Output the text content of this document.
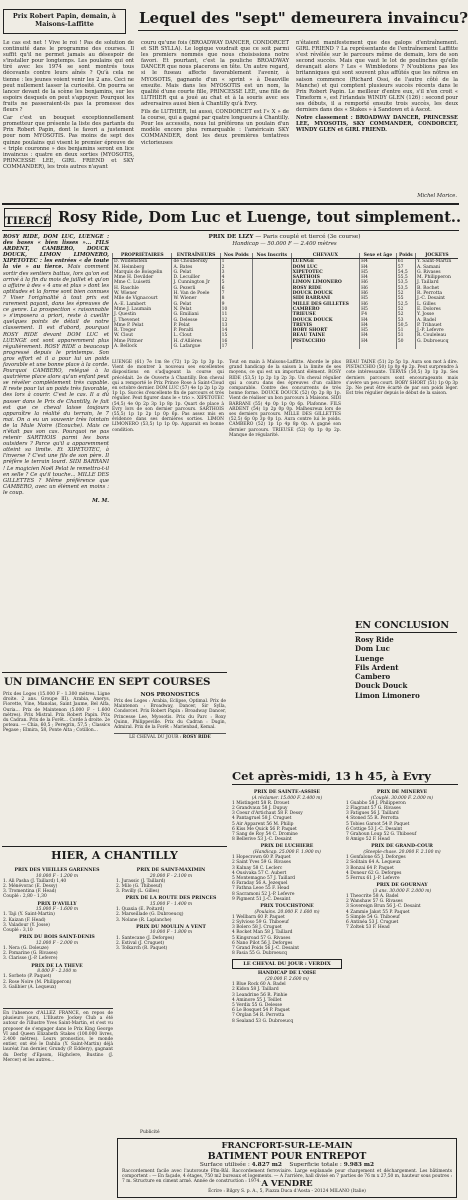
Prix Robert Papin, demain, à Maisons-Laffitte	Lequel des "sept" demeurera invaincu?
Le cas est net ! Vive le roi ! Pas de solution de continuité dans le programme des courses. Il suffit qu'il ne permet jamais au désespoir de s'installer pour longtemps. Les poulains qui ont tiré avec les 1974 se sont montrés tous décevants contre leurs aînés ? Qu'à cela ne tienne : les jeunes voient venir les 2 ans. Ceci ne peut nullement lasser la curiosité. On pourra se lancer devant de la scène les benjamins, sur les espoirs desquels on peut s'appuyer. Pourquoi les fruits ne passeraient-ils pas la promesse des fleurs ?
Car c'est un bouquet exceptionnellement prometteur que présente la liste des partants du Prix Robert Papin, dont le favori a justement pour nom MYOSOTIS. Pas moins de sept des quinze poulains qui visent le premier épreuve de « triple couronne » des benjamins seront en lice invaincus : quatre en deux sorties (MYOSOTIS, PRINCESSE LEE, GIRL FRIEND et SKY COMMANDER), les trois autres n'ayant
couru qu'une fois (BROADWAY DANCER, CONDORCET et SIR SYLLA). Le logique voudrait que ce soit parmi les premiers nommés que nous choisissions notre favori. Et pourtant, c'est la pouliche BROADWAY DANCER que nous placerons en tête. Un autre regard, si le fuseau affecte favorablement l'avenir, à MYOSOTIS, gagnante d'un « sprint » à Deauville ensuite. Mais dans les MYOSOTIS est un nom, la qualité d'une courte fille, PRINCESSE LEE, une fille de LUTHIER qui a joué au chat et à la souris avec ses adversaires aussi bien à Chantilly qu'à Evry.
Fils de LUTHIER, lui aussi, CONDORCET est l'« X » de la course, qui a gagné par quatre longueurs à Chantilly. Pour les accessits, nous lui préférons un poulain d'un modèle encore plus remarquable : l'américain SKY COMMANDER, dont les deux premières tentatives victorieuses
n'étaient manifestement que des galops d'entraînement. GIRL FRIEND ? La représentante de l'entraînement Laffitte s'est révélée sur le parcours même de demain, lors de son second succès. Mais que vaut le lot de poulinches qu'elle devançait alors ? Les « Wimbledons ? N'oublions pas les britanniques qui sont souvent plus affûtés que les nôtres en saison commence (Richard Ossi, de l'autre côté de la Manche) et qui comptent plusieurs succès récents dans le Prix Robert Papin. Le meilleur d'entre eux, s'il n'en croit « Timeform », est l'irlandais WINDY GLEN (126) : second pour ses débuts, il a remporté ensuite trois succès, les deux derniers dans des « Stakes » à Sandown et à Ascot.
Notre classement : BROADWAY DANCER, PRINCESSE LEE, MYOSOTIS, SKY COMMANDER, CONDORCET, WINDY GLEN et GIRL FRIEND.
Michel Morice.
TIERCÉ Rosy Ride, Dom Luc et Luenge, tout simplement..
ROSY RIDE, DOM LUC, LUENGE : des bases « bien lisses »... FILS ARDENT, CAMBERO, DOUCK DOUCK, LIMON LIMONERO, XIPETOTEC : les entrées « de toute la vie » au tierce. Mais comment sortir des sentiers battus, lors qu'on est arrivé à la fin du mois de juillet et qu'on a affaire à des « 4 ans et plus » dont les aptitudes et la forme sont bien connues ? Viser l'originalité à tout prix est rarement payant, dans les épreuves de ce genre. La prospection « raisonnable » s'imposera a priori, reste à cueillir quelques points de détail de notre classement. Il est d'abord, pourquoi ROSY RIDE devant DOM LUC et LUENGE ont sont apparemment plus régulièrement. ROSY RIDE a beaucoup progressé depuis le printemps. Son gros effort et il a pour lui un poids favorable et une bonne place à la corde. Pourquoi CAMBERO, relégué à la quatrième place alors qu'un enfant peut se révéler complètement très capable. Il reste pour lui un poids très favorable, des lors à courir. C'est le cas. Il a dû passer dans le Prix de Chantilly, le fait est que ce cheval laisse toujours apparaître la réalité du terrain, le 7 mai. On a eu un souvenir très lointain de la Mule Noire (Ecouche). Mais ce n'était pas son cas. Pourquoi ne pas retenir SARTHOIS parmi les bons outsiders ? Parce qu'il a apparemment atteint sa limite. Et XIPETOTEC, à l'inverse ? C'est une fils de son père. Il préfère le terrain lourd. SIDI BARRANI ! Le magicien Noël Pelat le remettra-t-il en selle ? Ce qu'il touche... MILLE DES GILLETTES ? Même préférence que CAMBERO, avec un élément en moins : le coup.
M. M.
PRIX DE LIZY — Paris couplé et tiercé (3e course)
Handicap — 50.000 F — 2.400 mètres
PROPRIÉTAIRES	ENTRAÎNEURS	Nos Poids	Nos Inscrits	CHEVAUX	Sexe et âge	Poids	JOCKEYS
D. Wildenstein	de Choubersky	1		LUENGE	H4	61	Y. Saint-Martin
M. Heimberg	A. Bates	2		DOM LUC	H4	57	A. Samani
Marquis de Boisgelin	G. Pelat	3		XIPETOTEC	H5	54,5	G. Rivases
Mme H. Devilder	D. Lecuiller	4		SARTHOIS	H4	55,5	M. Philipperon
Mme C. Luisetti	J. Cunnington Jr	5		LIMON LIMONERO	H6	53,5	J. Taillard
H. Raschle	G. Pezerli	6		ROSY RIDE	H6	53,5	B. Rochet
W. Wiener	H. Van de Poele	7		DOUCK DOUCK	H6	52	R. Perrotta
Mlle de Vignacourt	W. Wiener	8		SIDI BARRANI	H5	55	J.-C. Desaint
A.-E. Lambert	G. Pelat	9		MILLE DES GILLETES	H6	52,5	L. Gilles
Mme J. Laumain	N. Pelat	10		CAMBERO	H5	52	E. Dolores
J. Questin	G. Emiliani	11		TRIEUSE	F4	52	Y. Josse
J. Thevenet	G. Delesse	12		DOUCK DOUCK	H4	53	A. Badel
Mme P. Pelat	P. Pelat	13		TREVIS	H4	50,5	P. Tribauet
R. Treger	P. Peralti	14		BOBY SHORT	H5	51	J.-P. Lefevre
W. Clout	L. Clout	15		BEAU TAINE	H4	51	R. Couleleau
Mme Pittner	H. d'Allières	16		PISTACCHIO	H4	50	G. Dubroeucq
A. Bellock	G. Lafargue	17					
LUENGE (61) 7e 1m 8e (72) 1p 2p 1p 3p 1p. Vient de montrer à nouveau ses excellentes dispositions en s'adjugeant la course qui précédait. 2e de Ouverte à Chantilly. Bon cheval qui a remporté le Prix Prince Rose à Saint-Cloud en octobre dernier. DOM LUC (57) 4e 1p 2p 1p 2p 1p 1p. Succès d'excellente fin de parcours et très régulier. Peut figurer dans le « trio ». XIPETOTEC (54,5) 4e 0p 2p 3p 1p 8p 1p. Quart de place à Evry lors de son dernier parcours. SARTHOIS (55,5) 1p 1p 2p 1p 0p 6p. Pas assez mis en évidence dans ses dernières sorties. LIMON LIMONERO (53,5) 1p 1p 0p. Apparait en bonne condition.
Tout en main à Maisons-Laffitte. Aborde le plus grand handicap de la saison à la limite de ses moyens, ce qui est un important élément. ROSY RIDE (53,5) 1p 2p 1p 2p 3p. Un cheval régulier qui a couru dans des épreuves d'un calibre comparable. Contre des concurrents de très bonne forme. DOUCK DOUCK (52) 0p 2p 8p 1p. Vient de réaliser un bon parcours à Maisons. SIDI BARRANI (55) 4p 0p 1p 0p 6p. Plafonne. FILS ARDENT (54) 1p 2p 0p 0p. Malheureux lors de ses derniers parcours. MILLE DES GILLETTES (52,5) 6p 0p 3p 0p 1p. Aura contre lui le poids. CAMBERO (52) 1p 1p 4p 8p 0p. A gagné son dernier parcours. TRIEUSE (52) 0p 1p 0p 2p. Manque de régularité.
BEAU TAINE (51) 2p 5p 1p. Aura son mot à dire. PISTACCHIO (50) 1p 0p 4p 2p. Peut surprendre à cote intéressante. TERVIS (50,5) 3p 1p 3p. Ses derniers parcours sont encourageants mais s'avère un peu court. BOBY SHORT (51) 1p 0p 3p 2p. Ne peut être écarté de par son poids léger. Est très régulier depuis le début de la saison.
EN CONCLUSION
Rosy Ride
Dom Luc
Luenge
Fils Ardent
Cambero
Douck Douck
Limon Limonero
UN DIMANCHE EN SEPT COURSES
Prix des Loges (15.000 F - 1.300 mètres. Ligne droite. 2 ans. Groupe III). Arabia, Anerys, Fiorette, Vine, Manolas, Saint Jaume, Bel Alfa, Ouria... Prix de Maintenon (5.000 F - 1.600 mètres). Prix Mistral. Prix Robert Papin. Prix du Cadran. Prix de la Forêt... Corde à droite. 2e poteau. — Chia, 60,5 ; Peregrin, 57,5 ; Classics Pegase ; Elmira, 58, Ponte Alta ; Cotillon...
NOS PRONOSTICS
Prix des Loges : Arabia, Eclipse, Optimal. Prix de Maintenon : Broadway, Dancer, Sir Sylla, Condorcet. Prix Robert Papin : Broadway Dancer, Princesse Lee, Myosotis. Prix du Parc : Roxy Quinn, Philippeville. Prix du Cadran : Dugin, Admiral. Prix de la Forêt : Marienbad, Kemal.
LE CHEVAL DU JOUR : ROSY RIDE
HIER, A CHANTILLY
PRIX DES VIEILLES GARENNES
10.000 F - 1.200 m
1. Ali Pasha (J. Taillard) 1,40
2. Ménévorac (E. Dessy)
3. Tromentina (F. Head)
Couplé : 2,80 - 1,30
PRIX D'AVILLY
15.000 F - 1.600 m
1. Taji (Y. Saint-Martin)
2. Kaizan (F. Head)
3. Valadour (Y. Josse)
Couplé : 3,10
PRIX DU BOIS SAINT-DENIS
12.000 F - 2.000 m
1. Nera (G. Doleuze)
2. Pomarine (G. Rivases)
3. Clarisse (J.-P. Lefevre)
PRIX DE LA THEVE
8.000 F - 2.100 m
1. Sorbeto (P. Paquet)
2. Rose Noire (M. Philipperon)
3. Galibier (A. Lequeux)
PRIX DE SAINT-MAXIMIN
20.000 F - 2.100 m
1. Jurassic (J. Taillard)
2. Milo (G. Thiboeuf)
3. Pavilly (L. Gilles)
PRIX DE LA ROUTE DES PRINCES
15.000 F - 1.400 m
1. Quaxia (E. Poitard)
2. Marseillade (G. Dubroeucq)
3. Nolane (R. Laplanche)
PRIX DU MOULIN A VENT
10.000 F - 1.800 m
1. Santecane (J. Deforges)
2. Estival (J. Cruguet)
3. Tolkarch (R. Paquet)
En l'absence d'ALLEZ FRANCE, en repos de plusieurs jours, L'Illustre Jockey Club a été autour de l'illustre Yves Saint-Martin, et s'est vu proposer de s'engager dans le Prix King George VI and Queen Elizabeth Stakes (100.000 livres, 2.400 mètres). Leurs pronostics, le monde entier, ont été le Dahlia (Y. Saint-Martin) déjà lauréat l'an dernier, Grundy (P. Eddery), gagnant du Derby d'Epsom, Highclere, Bustino (J. Mercer) et les autres...
Cet après-midi, 13 h 45, à Evry
PRIX DE SAINTE-ASSISE
(A réclamer. 15.000 F. 2.400 m)
1 Mistingett 58 R. Drouet
2 Grandvaux 58 J. Dupuy
3 Coeur d'Artichaut 58 F. Dessy
4 Pantagruel 58 J. Cruguet
5 Air Apparent 56 M. Philip
6 Kiss Me Quick 56 P. Paquet
7 Sang de Roy 54 C. Dromine
8 Bellerive 53 J.-C. Desaint
PRIX DE LUCHIERE
(Handicap. 25.000 F. 1.900 m)
1 Hopecrown 60 P. Paquet
2 Saint Yves 59 G. Rivases
3 Kalnay 58 C. Leclerc
4 Ousivaka 57 C. Aubert
5 Montemagno 57 J. Taillard
6 Faraday 56 A. Jezequel
7 Fathna Leoe 55 F. Head
8 Sacramoni 52 J.-P. Lefevre
9 Pigment 51 J.-C. Desaint
PRIX TOUCHSTONE
(Poulains. 20.000 F. 1.600 m)
1 Wellbarn 60 P. Paquet
2 Sylvioso 59 G. Thiboeuf
3 Bolero 58 J. Cruguet
4 Rocket Man 58 J. Taillard
5 Kingsroad 57 G. Rivases
6 Nano Pilot 56 J. Deforges
7 Grand Poids 56 J.-C. Desaint
8 Fasia 55 G. Dubroeucq
LE CHEVAL DU JOUR : VERDIX
HANDICAP DE L'OISE
(20.000 F. 2.600 m)
1 Blue Rock 60 A. Badel
2 Kidon 58 J. Taillard
3 Leandrine 56 R. Pinhie
4 Aminore 55 J. Teillet
5 Verdix 55 G. Delesse
6 Le Bosquet 54 P. Paquet
7 Orglan 54 R. Perrotta
8 Sealand 53 G. Dubroeucq
PRIX DE MINERVE
(Couplé. 30.000 F. 2.000 m)
1 Guabbo 58 J. Philipperon
2 Flagrant 57 G. Rivases
3 Fatigues 56 J. Taillard
4 Stoned 55 R. Perrotta
5 Tobies Garsot 54 P. Paquet
6 Cottige 53 J.-C. Desaint
7 Grahoun Loup 52 G. Thiboeuf
8 Amigo 52 F. Head
PRIX DE GRAND-COUR
(Steeple-chase. 20.000 F. 2.100 m)
1 Gonfalone 65 J. Deforges
2 Solitain 64 A. Lequeux
3 Bonzai 64 P. Paquet
4 Doneur 62 G. Deforges
5 Ferrux 61 J.-P. Lefevre
PRIX DE GOURNAY
(3 ans. 30.000 F. 2.000 m)
1 Theocrite 58 A. Badel
2 Wanshaw 57 G. Rivases
3 Sovereign Brun 56 J.-C. Desaint
4 Zammie Jakot 55 P. Paquet
5 Simple 54 G. Thiboeuf
6 Antinéa 53 J. Cruguet
7 Zoltek 53 F. Head
Publicité
FRANCFORT-SUR-LE-MAIN
BATIMENT POUR ENTREPOT
Surface utilisée : 4.827 m2 Superficie totale : 9.983 m2
Raccordement facile avec l'autoroute Ffm-Bâl. Raccordement ferroviaire. Large esplanade pour chargement et déchargement. Les bâtiments comportent : — En façade, 4 étages, 750 m2 bureaux et logements. — A l'arrière, hall divisé en 7 parties de 76 m x 27,50 m, hauteur sous poutres : 7 m. Structure en ciment armé. Année de construction : 1974. A VENDRE
Écrire : Bilgry S. p. A., 5, Piazza Duca d'Aosta - 20124 MILANO (Italie)
